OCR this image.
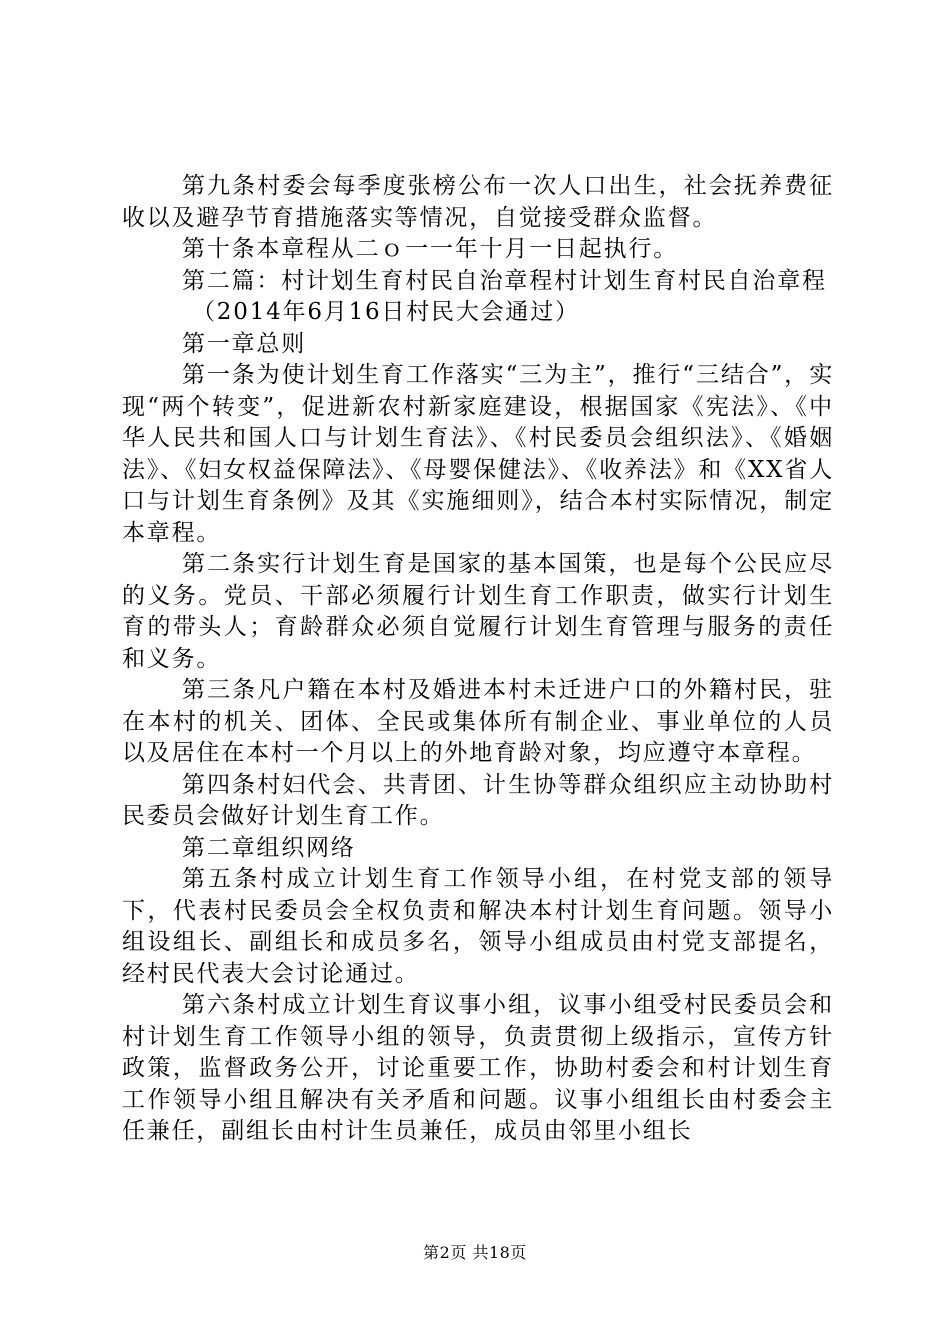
第九条村委会每季度张榜公布一次人口出生，社会抚养费征收以及避孕节育措施落实等情况，自觉接受群众监督。

第十条本章程从二ｏ一一年十月一日起执行。

第二篇：村计划生育村民自治章程村计划生育村民自治章程

（2014年6月16日村民大会通过）

第一章总则

第一条为使计划生育工作落实“三为主”，推行“三结合”，实现“两个转变”，促进新农村新家庭建设，根据国家《宪法》、《中华人民共和国人口与计划生育法》、《村民委员会组织法》、《婚姻法》、《妇女权益保障法》、《母婴保健法》、《收养法》和《XX省人口与计划生育条例》及其《实施细则》，结合本村实际情况，制定本章程。

第二条实行计划生育是国家的基本国策，也是每个公民应尽的义务。党员、干部必须履行计划生育工作职责，做实行计划生育的带头人；育龄群众必须自觉履行计划生育管理与服务的责任和义务。

第三条凡户籍在本村及婚进本村未迁进户口的外籍村民，驻在本村的机关、团体、全民或集体所有制企业、事业单位的人员以及居住在本村一个月以上的外地育龄对象，均应遵守本章程。

第四条村妇代会、共青团、计生协等群众组织应主动协助村民委员会做好计划生育工作。

第二章组织网络

第五条村成立计划生育工作领导小组，在村党支部的领导下，代表村民委员会全权负责和解决本村计划生育问题。领导小组设组长、副组长和成员多名，领导小组成员由村党支部提名，经村民代表大会讨论通过。

第六条村成立计划生育议事小组，议事小组受村民委员会和村计划生育工作领导小组的领导，负责贯彻上级指示，宣传方针政策，监督政务公开，讨论重要工作，协助村委会和村计划生育工作领导小组且解决有关矛盾和问题。议事小组组长由村委会主任兼任，副组长由村计生员兼任，成员由邻里小组长

第2页 共18页
